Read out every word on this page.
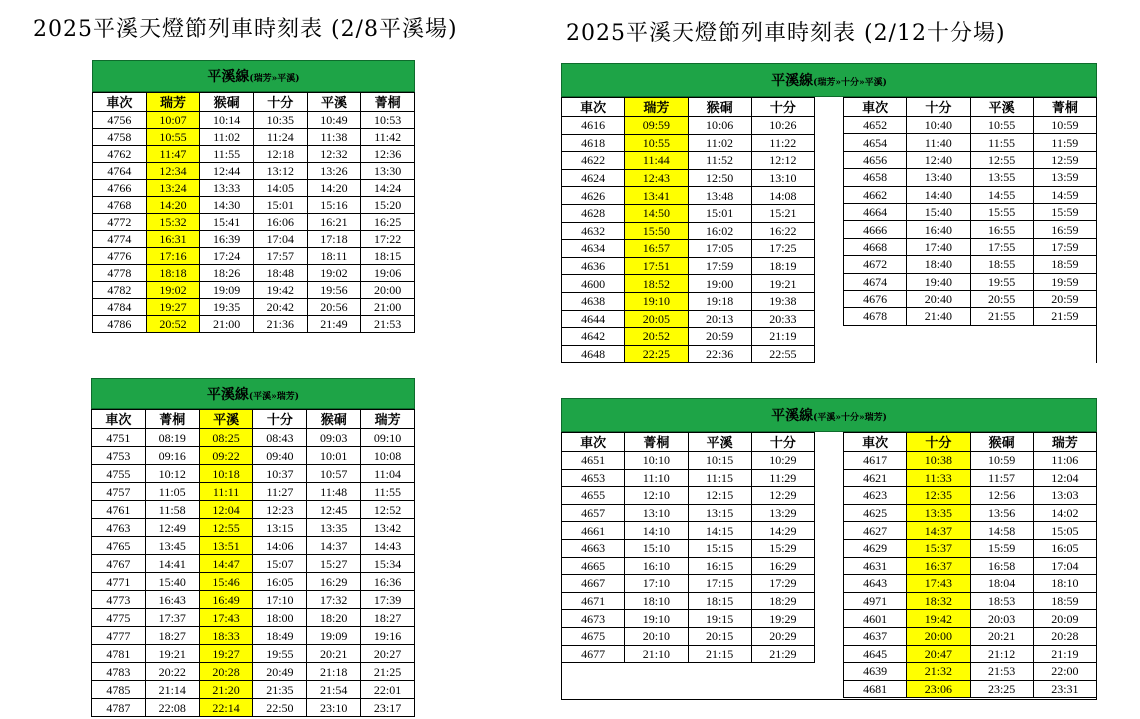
2025平溪天燈節列車時刻表 (2/8平溪場)	2025平溪天燈節列車時刻表 (2/12十分場)
平溪線(瑞芳»平溪)
車次	瑞芳	猴硐	十分	平溪	菁桐
4756	10:07	10:14	10:35	10:49	10:53
4758	10:55	11:02	11:24	11:38	11:42
4762	11:47	11:55	12:18	12:32	12:36
4764	12:34	12:44	13:12	13:26	13:30
4766	13:24	13:33	14:05	14:20	14:24
4768	14:20	14:30	15:01	15:16	15:20
4772	15:32	15:41	16:06	16:21	16:25
4774	16:31	16:39	17:04	17:18	17:22
4776	17:16	17:24	17:57	18:11	18:15
4778	18:18	18:26	18:48	19:02	19:06
4782	19:02	19:09	19:42	19:56	20:00
4784	19:27	19:35	20:42	20:56	21:00
4786	20:52	21:00	21:36	21:49	21:53
平溪線(平溪»瑞芳)
車次	菁桐	平溪	十分	猴硐	瑞芳
4751	08:19	08:25	08:43	09:03	09:10
4753	09:16	09:22	09:40	10:01	10:08
4755	10:12	10:18	10:37	10:57	11:04
4757	11:05	11:11	11:27	11:48	11:55
4761	11:58	12:04	12:23	12:45	12:52
4763	12:49	12:55	13:15	13:35	13:42
4765	13:45	13:51	14:06	14:37	14:43
4767	14:41	14:47	15:07	15:27	15:34
4771	15:40	15:46	16:05	16:29	16:36
4773	16:43	16:49	17:10	17:32	17:39
4775	17:37	17:43	18:00	18:20	18:27
4777	18:27	18:33	18:49	19:09	19:16
4781	19:21	19:27	19:55	20:21	20:27
4783	20:22	20:28	20:49	21:18	21:25
4785	21:14	21:20	21:35	21:54	22:01
4787	22:08	22:14	22:50	23:10	23:17
平溪線(瑞芳»十分»平溪)
車次	瑞芳	猴硐	十分
4616	09:59	10:06	10:26
4618	10:55	11:02	11:22
4622	11:44	11:52	12:12
4624	12:43	12:50	13:10
4626	13:41	13:48	14:08
4628	14:50	15:01	15:21
4632	15:50	16:02	16:22
4634	16:57	17:05	17:25
4636	17:51	17:59	18:19
4600	18:52	19:00	19:21
4638	19:10	19:18	19:38
4644	20:05	20:13	20:33
4642	20:52	20:59	21:19
4648	22:25	22:36	22:55
車次	十分	平溪	菁桐
4652	10:40	10:55	10:59
4654	11:40	11:55	11:59
4656	12:40	12:55	12:59
4658	13:40	13:55	13:59
4662	14:40	14:55	14:59
4664	15:40	15:55	15:59
4666	16:40	16:55	16:59
4668	17:40	17:55	17:59
4672	18:40	18:55	18:59
4674	19:40	19:55	19:59
4676	20:40	20:55	20:59
4678	21:40	21:55	21:59
平溪線(平溪»十分»瑞芳)
車次	菁桐	平溪	十分
4651	10:10	10:15	10:29
4653	11:10	11:15	11:29
4655	12:10	12:15	12:29
4657	13:10	13:15	13:29
4661	14:10	14:15	14:29
4663	15:10	15:15	15:29
4665	16:10	16:15	16:29
4667	17:10	17:15	17:29
4671	18:10	18:15	18:29
4673	19:10	19:15	19:29
4675	20:10	20:15	20:29
4677	21:10	21:15	21:29
車次	十分	猴硐	瑞芳
4617	10:38	10:59	11:06
4621	11:33	11:57	12:04
4623	12:35	12:56	13:03
4625	13:35	13:56	14:02
4627	14:37	14:58	15:05
4629	15:37	15:59	16:05
4631	16:37	16:58	17:04
4643	17:43	18:04	18:10
4971	18:32	18:53	18:59
4601	19:42	20:03	20:09
4637	20:00	20:21	20:28
4645	20:47	21:12	21:19
4639	21:32	21:53	22:00
4681	23:06	23:25	23:31
